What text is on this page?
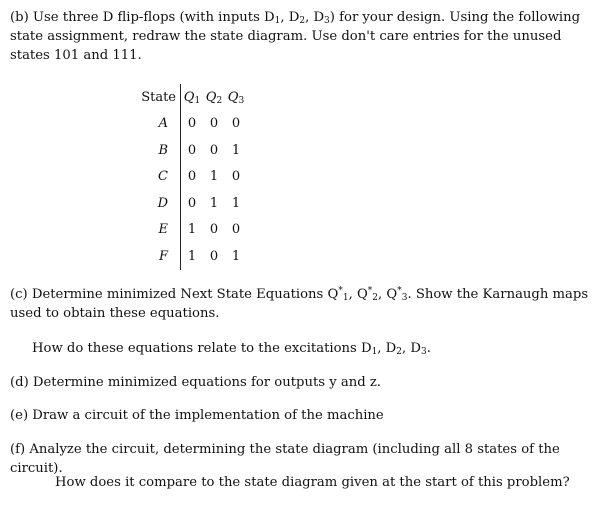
(b) Use three D flip-flops (with inputs $D_1$, $D_2$, $D_3$) for your design. Using the following state assignment, redraw the state diagram. Use don't care entries for the unused states 101 and 111.

State	$Q_1$	$Q_2$	$Q_3$
A	0	0	0
B	0	0	1
C	0	1	0
D	0	1	1
E	1	0	0
F	1	0	1

(c) Determine minimized Next State Equations $Q^*_1$, $Q^*_2$, $Q^*_3$. Show the Karnaugh maps used to obtain these equations.

How do these equations relate to the excitations $D_1$, $D_2$, $D_3$.

(d) Determine minimized equations for outputs y and z.

(e) Draw a circuit of the implementation of the machine

(f) Analyze the circuit, determining the state diagram (including all 8 states of the circuit).

How does it compare to the state diagram given at the start of this problem?
